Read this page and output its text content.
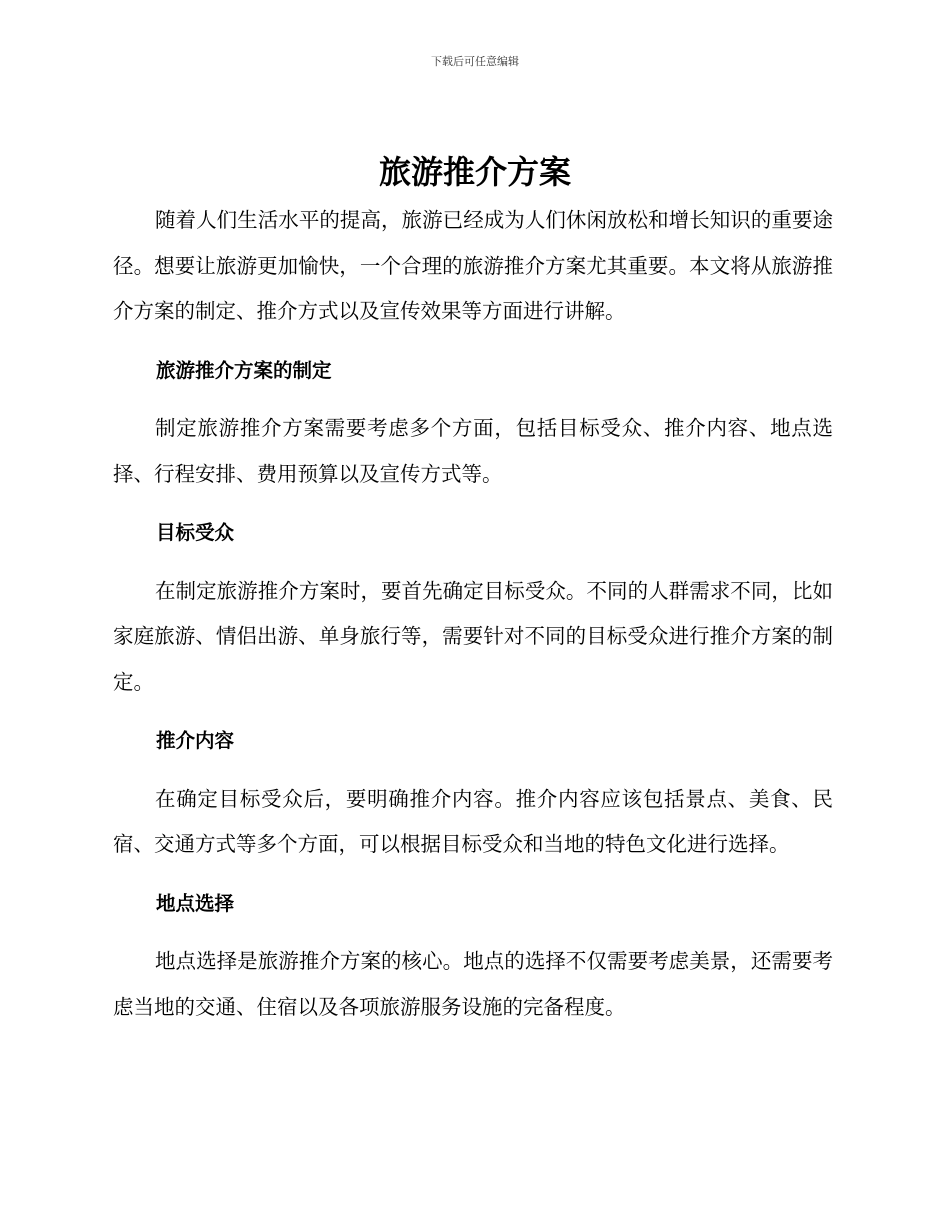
下载后可任意编辑
旅游推介方案

随着人们生活水平的提高，旅游已经成为人们休闲放松和增长知识的重要途径。想要让旅游更加愉快，一个合理的旅游推介方案尤其重要。本文将从旅游推介方案的制定、推介方式以及宣传效果等方面进行讲解。

旅游推介方案的制定

制定旅游推介方案需要考虑多个方面，包括目标受众、推介内容、地点选择、行程安排、费用预算以及宣传方式等。

目标受众

在制定旅游推介方案时，要首先确定目标受众。不同的人群需求不同，比如家庭旅游、情侣出游、单身旅行等，需要针对不同的目标受众进行推介方案的制定。

推介内容

在确定目标受众后，要明确推介内容。推介内容应该包括景点、美食、民宿、交通方式等多个方面，可以根据目标受众和当地的特色文化进行选择。

地点选择

地点选择是旅游推介方案的核心。地点的选择不仅需要考虑美景，还需要考虑当地的交通、住宿以及各项旅游服务设施的完备程度。
